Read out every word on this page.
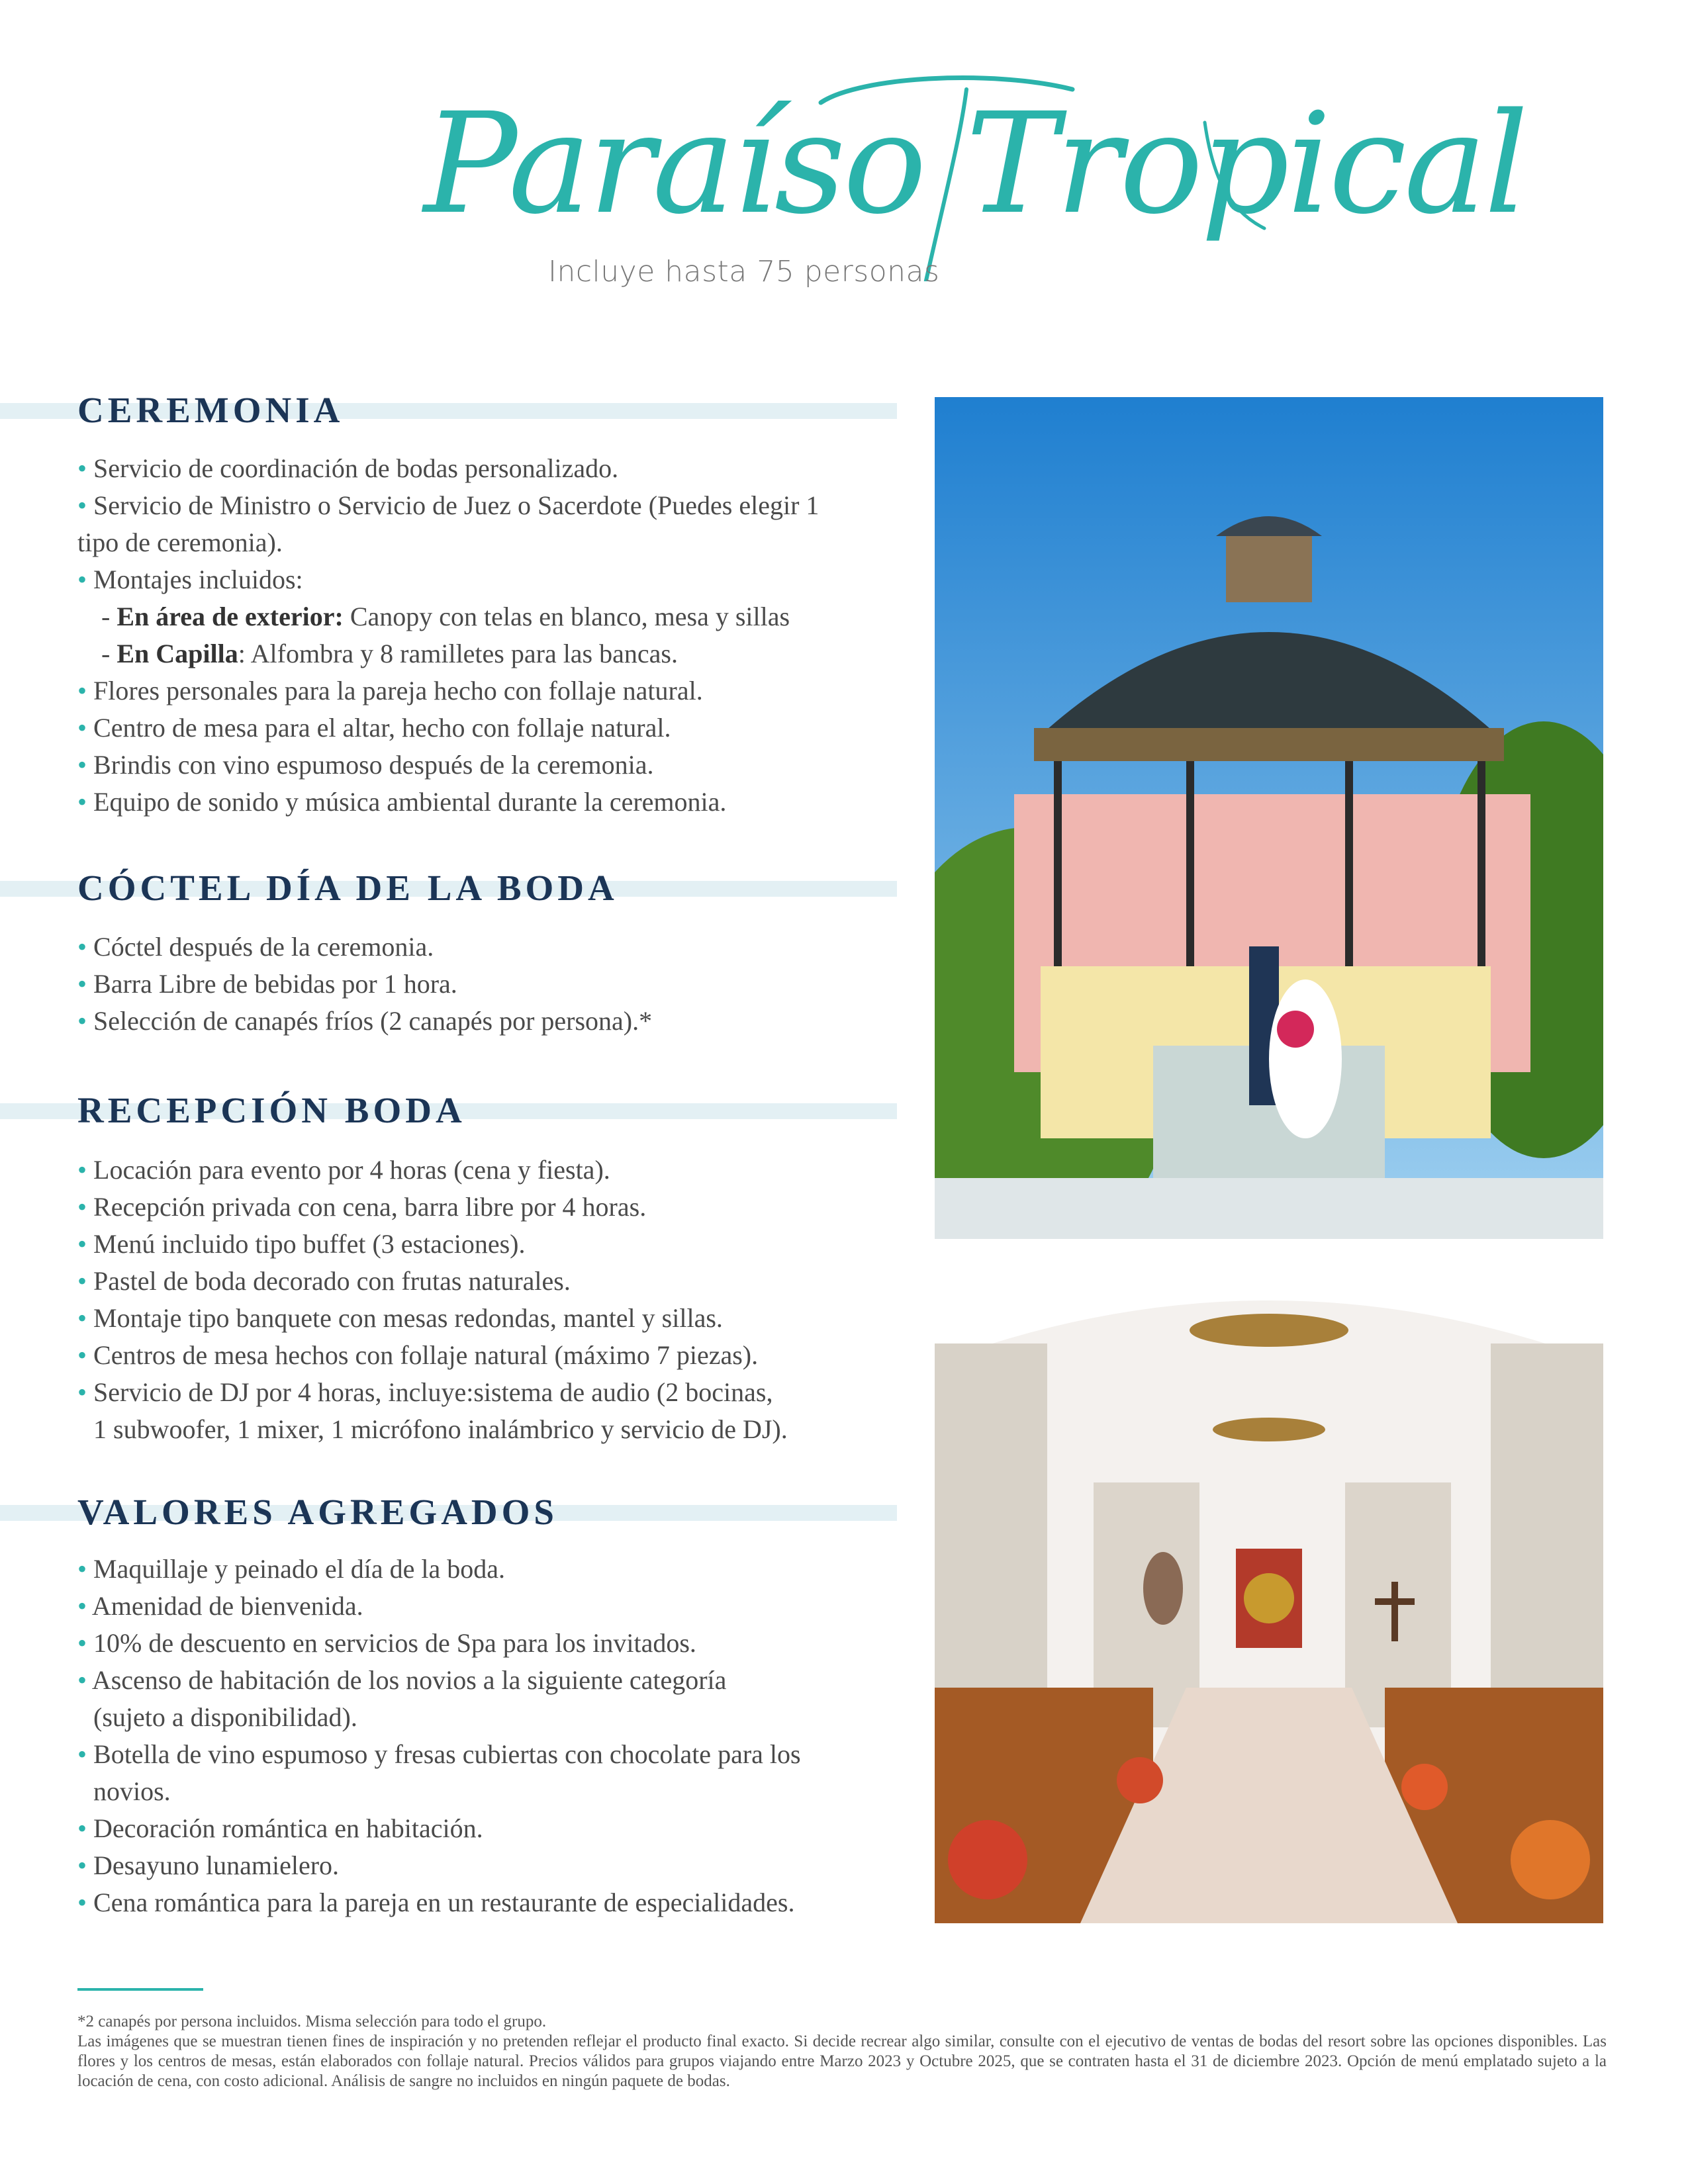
Paraíso Tropical
Incluye hasta 75 personas
CEREMONIA
• Servicio de coordinación de bodas personalizado.
• Servicio de Ministro o Servicio de Juez o Sacerdote (Puedes elegir 1
tipo de ceremonia).
• Montajes incluidos:
- En área de exterior: Canopy con telas en blanco, mesa y sillas
- En Capilla: Alfombra y 8 ramilletes para las bancas.
• Flores personales para la pareja hecho con follaje natural.
• Centro de mesa para el altar, hecho con follaje natural.
• Brindis con vino espumoso después de la ceremonia.
• Equipo de sonido y música ambiental durante la ceremonia.
CÓCTEL DÍA DE LA BODA
• Cóctel después de la ceremonia.
• Barra Libre de bebidas por 1 hora.
• Selección de canapés fríos (2 canapés por persona).*
RECEPCIÓN BODA
• Locación para evento por 4 horas (cena y fiesta).
• Recepción privada con cena, barra libre por 4 horas.
• Menú incluido tipo buffet (3 estaciones).
• Pastel de boda decorado con frutas naturales.
• Montaje tipo banquete con mesas redondas, mantel y sillas.
• Centros de mesa hechos con follaje natural (máximo 7 piezas).
• Servicio de DJ por 4 horas, incluye:sistema de audio (2 bocinas,
1 subwoofer, 1 mixer, 1 micrófono inalámbrico y servicio de DJ).
VALORES AGREGADOS
• Maquillaje y peinado el día de la boda.
• Amenidad de bienvenida.
• 10% de descuento en servicios de Spa para los invitados.
• Ascenso de habitación de los novios a la siguiente categoría
(sujeto a disponibilidad).
• Botella de vino espumoso y fresas cubiertas con chocolate para los
novios.
• Decoración romántica en habitación.
• Desayuno lunamielero.
• Cena romántica para la pareja en un restaurante de especialidades.
*2 canapés por persona incluidos. Misma selección para todo el grupo.
Las imágenes que se muestran tienen fines de inspiración y no pretenden reflejar el producto final exacto. Si decide recrear algo similar, consulte con el ejecutivo de ventas de bodas del resort sobre las opciones disponibles. Las flores y los centros de mesas, están elaborados con follaje natural. Precios válidos para grupos viajando entre Marzo 2023 y Octubre 2025, que se contraten hasta el 31 de diciembre 2023. Opción de menú emplatado sujeto a la locación de cena, con costo adicional. Análisis de sangre no incluidos en ningún paquete de bodas.
